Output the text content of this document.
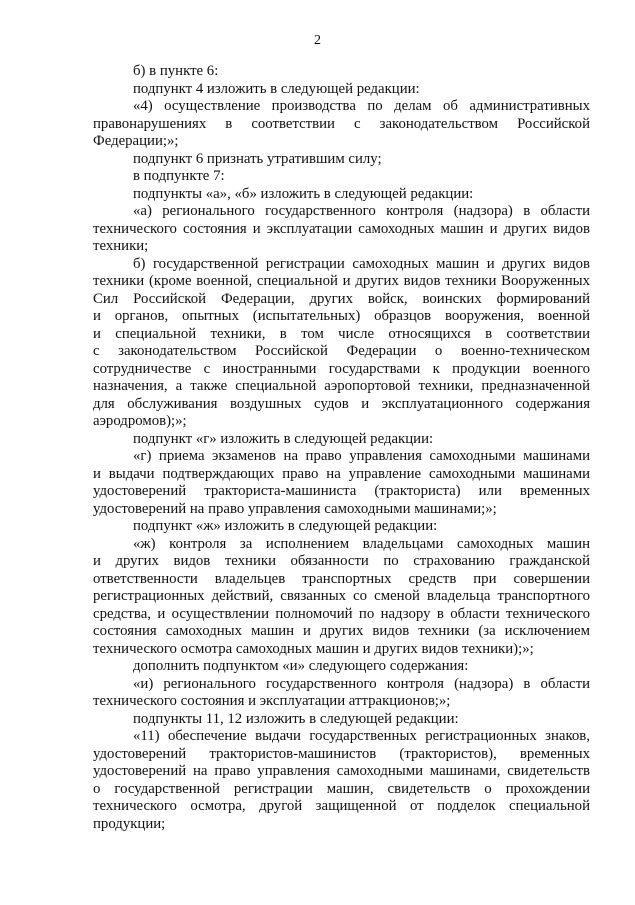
2
б) в пункте 6:
подпункт 4 изложить в следующей редакции:
«4) осуществление производства по делам об административных
правонарушениях в соответствии с законодательством Российской
Федерации;»;
подпункт 6 признать утратившим силу;
в подпункте 7:
подпункты «а», «б» изложить в следующей редакции:
«а) регионального государственного контроля (надзора) в области
технического состояния и эксплуатации самоходных машин и других видов
техники;
б) государственной регистрации самоходных машин и других видов
техники (кроме военной, специальной и других видов техники Вооруженных
Сил Российской Федерации, других войск, воинских формирований
и органов, опытных (испытательных) образцов вооружения, военной
и специальной техники, в том числе относящихся в соответствии
с законодательством Российской Федерации о военно-техническом
сотрудничестве с иностранными государствами к продукции военного
назначения, а также специальной аэропортовой техники, предназначенной
для обслуживания воздушных судов и эксплуатационного содержания
аэродромов);»;
подпункт «г» изложить в следующей редакции:
«г) приема экзаменов на право управления самоходными машинами
и выдачи подтверждающих право на управление самоходными машинами
удостоверений тракториста-машиниста (тракториста) или временных
удостоверений на право управления самоходными машинами;»;
подпункт «ж» изложить в следующей редакции:
«ж) контроля за исполнением владельцами самоходных машин
и других видов техники обязанности по страхованию гражданской
ответственности владельцев транспортных средств при совершении
регистрационных действий, связанных со сменой владельца транспортного
средства, и осуществлении полномочий по надзору в области технического
состояния самоходных машин и других видов техники (за исключением
технического осмотра самоходных машин и других видов техники);»;
дополнить подпунктом «и» следующего содержания:
«и) регионального государственного контроля (надзора) в области
технического состояния и эксплуатации аттракционов;»;
подпункты 11, 12 изложить в следующей редакции:
«11) обеспечение выдачи государственных регистрационных знаков,
удостоверений трактористов-машинистов (трактористов), временных
удостоверений на право управления самоходными машинами, свидетельств
о государственной регистрации машин, свидетельств о прохождении
технического осмотра, другой защищенной от подделок специальной
продукции;
